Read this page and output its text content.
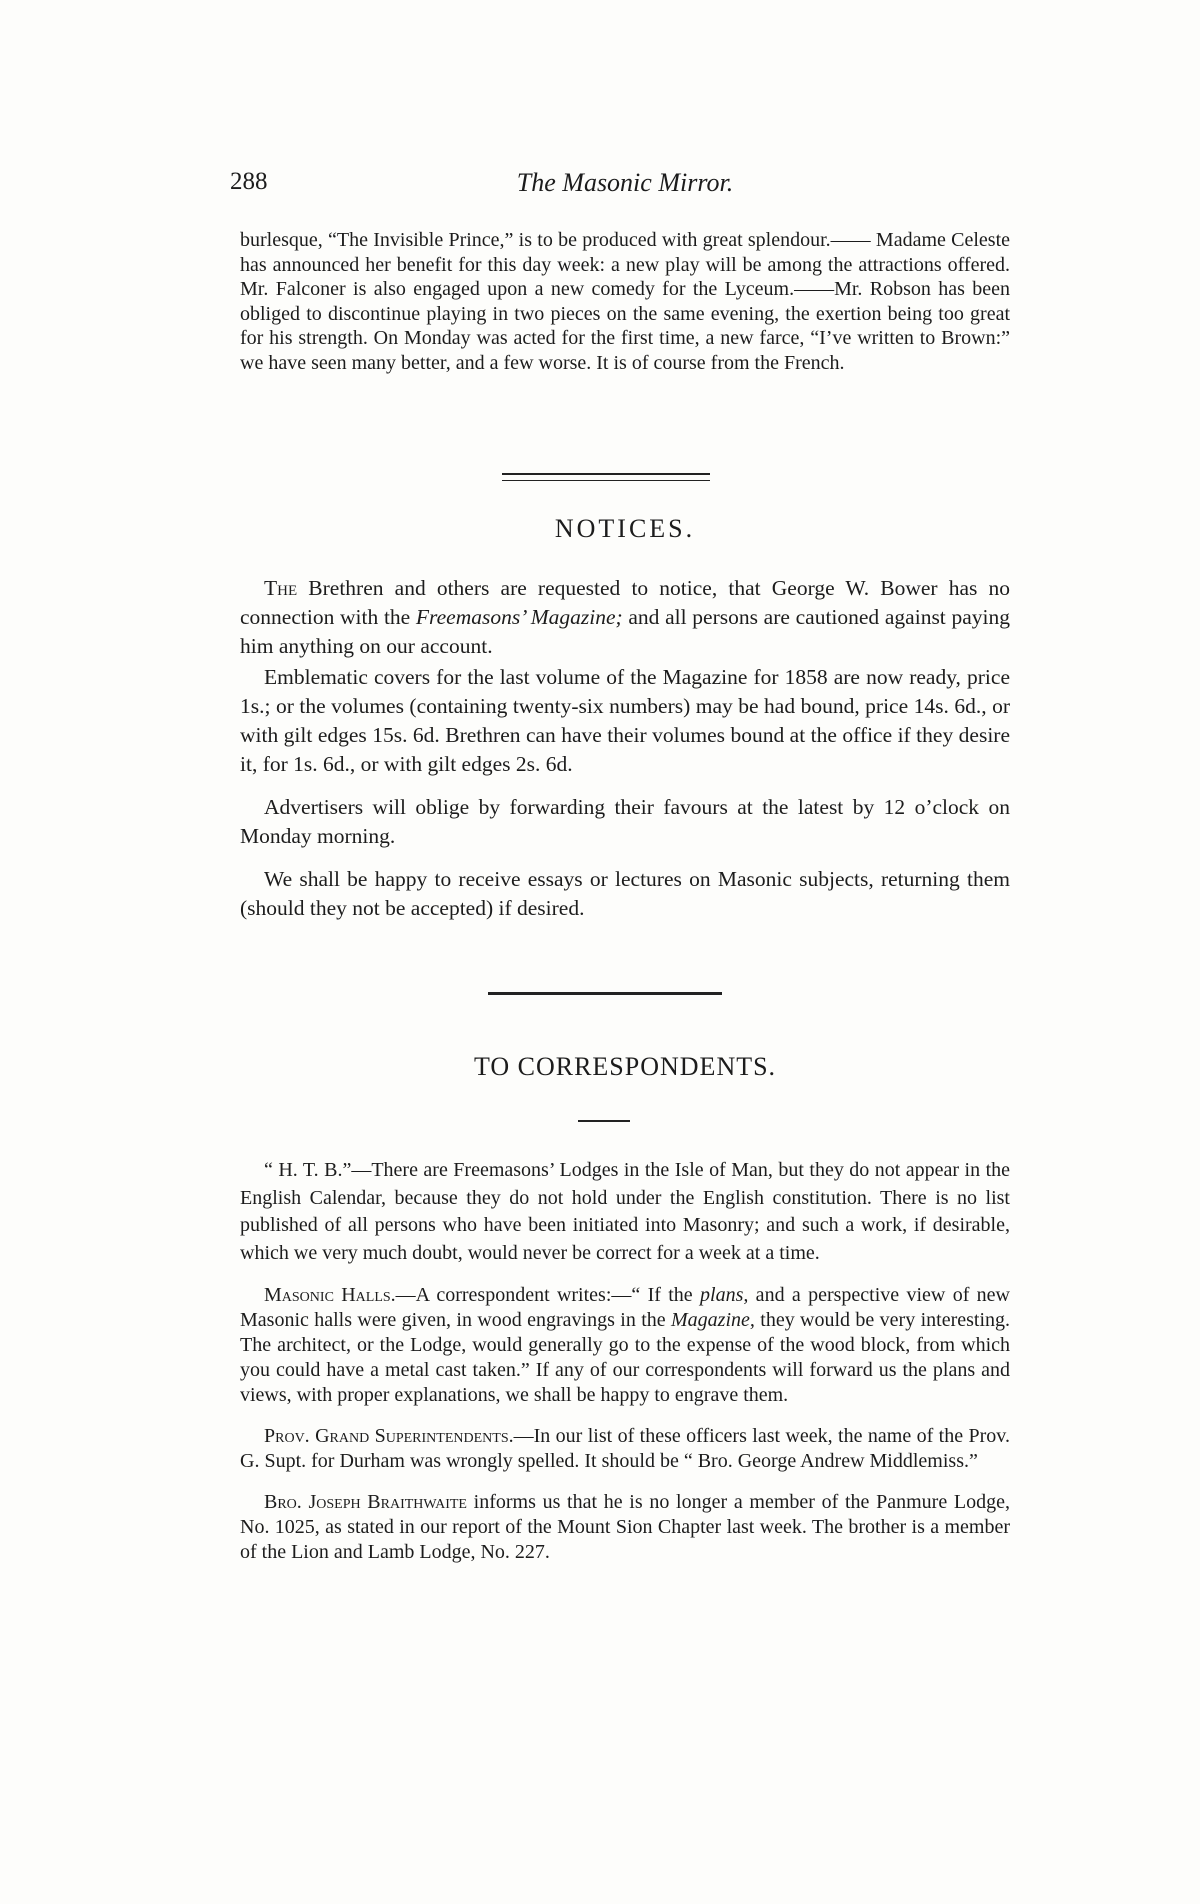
288	The Masonic Mirror.

burlesque, “The Invisible Prince,” is to be produced with great splendour.—— Madame Celeste has announced her benefit for this day week: a new play will be among the attractions offered. Mr. Falconer is also engaged upon a new comedy for the Lyceum.——Mr. Robson has been obliged to discontinue playing in two pieces on the same evening, the exertion being too great for his strength. On Monday was acted for the first time, a new farce, “I’ve written to Brown:” we have seen many better, and a few worse. It is of course from the French.

NOTICES.

The Brethren and others are requested to notice, that George W. Bower has no connection with the Freemasons’ Magazine; and all persons are cautioned against paying him anything on our account.

Emblematic covers for the last volume of the Magazine for 1858 are now ready, price 1s.; or the volumes (containing twenty-six numbers) may be had bound, price 14s. 6d., or with gilt edges 15s. 6d. Brethren can have their volumes bound at the office if they desire it, for 1s. 6d., or with gilt edges 2s. 6d.

Advertisers will oblige by forwarding their favours at the latest by 12 o’clock on Monday morning.

We shall be happy to receive essays or lectures on Masonic subjects, returning them (should they not be accepted) if desired.

TO CORRESPONDENTS.

“ H. T. B.”—There are Freemasons’ Lodges in the Isle of Man, but they do not appear in the English Calendar, because they do not hold under the English constitution. There is no list published of all persons who have been initiated into Masonry; and such a work, if desirable, which we very much doubt, would never be correct for a week at a time.

Masonic Halls.—A correspondent writes:—“ If the plans, and a perspective view of new Masonic halls were given, in wood engravings in the Magazine, they would be very interesting. The architect, or the Lodge, would generally go to the expense of the wood block, from which you could have a metal cast taken.” If any of our correspondents will forward us the plans and views, with proper explanations, we shall be happy to engrave them.

Prov. Grand Superintendents.—In our list of these officers last week, the name of the Prov. G. Supt. for Durham was wrongly spelled. It should be “ Bro. George Andrew Middlemiss.”

Bro. Joseph Braithwaite informs us that he is no longer a member of the Panmure Lodge, No. 1025, as stated in our report of the Mount Sion Chapter last week. The brother is a member of the Lion and Lamb Lodge, No. 227.
